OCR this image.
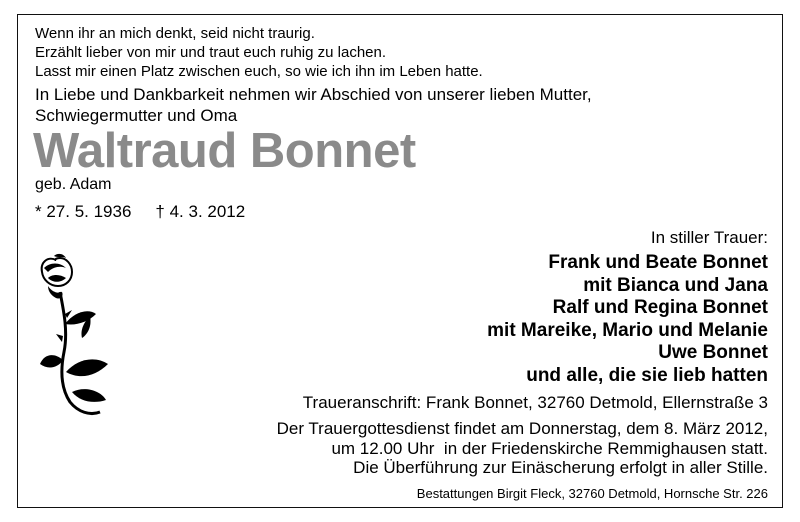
Wenn ihr an mich denkt, seid nicht traurig.
Erzählt lieber von mir und traut euch ruhig zu lachen.
Lasst mir einen Platz zwischen euch, so wie ich ihn im Leben hatte.
In Liebe und Dankbarkeit nehmen wir Abschied von unserer lieben Mutter,
Schwiegermutter und Oma
Waltraud Bonnet
geb. Adam
* 27. 5. 1936 † 4. 3. 2012
In stiller Trauer:
Frank und Beate Bonnet
mit Bianca und Jana
Ralf und Regina Bonnet
mit Mareike, Mario und Melanie
Uwe Bonnet
und alle, die sie lieb hatten
Traueranschrift: Frank Bonnet, 32760 Detmold, Ellernstraße 3
Der Trauergottesdienst findet am Donnerstag, dem 8. März 2012,
um 12.00 Uhr  in der Friedenskirche Remmighausen statt.
Die Überführung zur Einäscherung erfolgt in aller Stille.
Bestattungen Birgit Fleck, 32760 Detmold, Hornsche Str. 226
